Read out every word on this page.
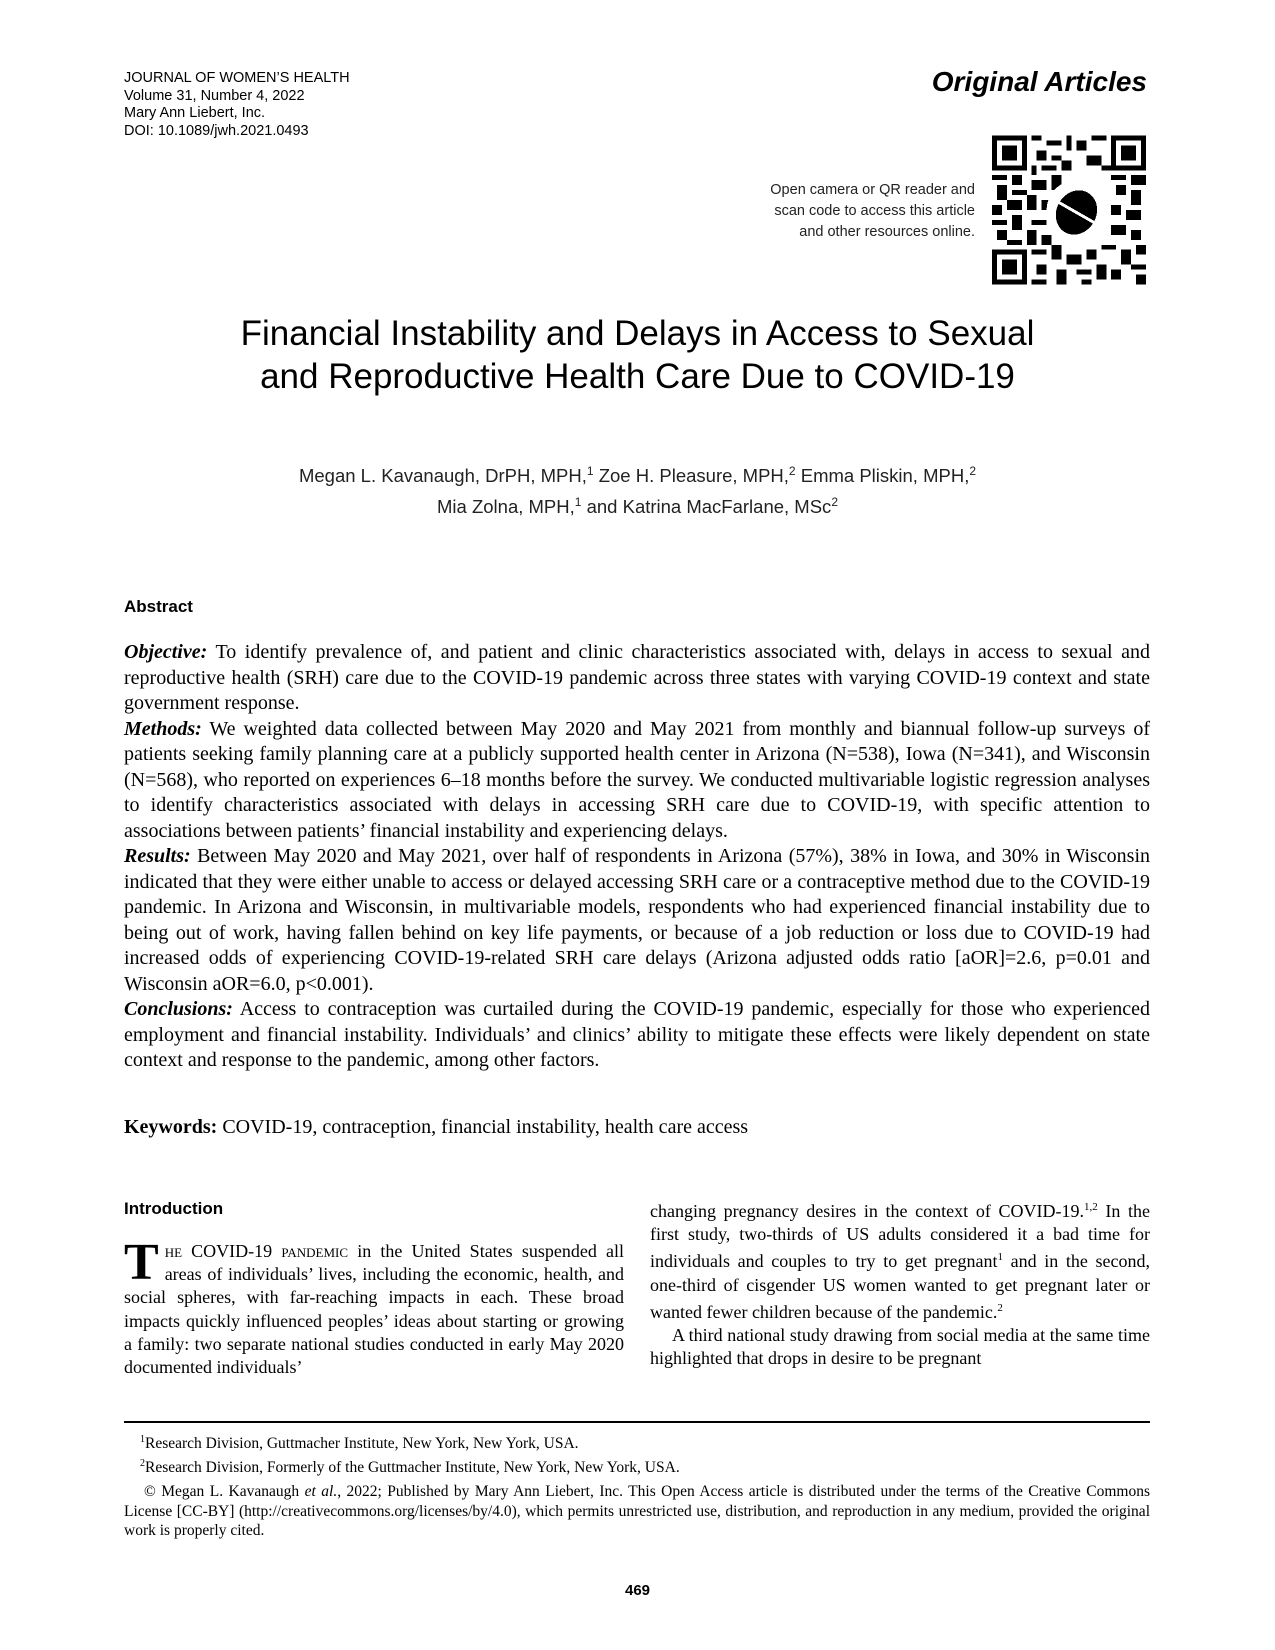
JOURNAL OF WOMEN’S HEALTH
Volume 31, Number 4, 2022
Mary Ann Liebert, Inc.
DOI: 10.1089/jwh.2021.0493
Original Articles
Open camera or QR reader and
scan code to access this article
and other resources online.
Financial Instability and Delays in Access to Sexual
and Reproductive Health Care Due to COVID-19
Megan L. Kavanaugh, DrPH, MPH,$^1$ Zoe H. Pleasure, MPH,$^2$ Emma Pliskin, MPH,$^2$
Mia Zolna, MPH,$^1$ and Katrina MacFarlane, MSc$^2$
Abstract

Objective: To identify prevalence of, and patient and clinic characteristics associated with, delays in access to sexual and reproductive health (SRH) care due to the COVID-19 pandemic across three states with varying COVID-19 context and state government response.

Methods: We weighted data collected between May 2020 and May 2021 from monthly and biannual follow-up surveys of patients seeking family planning care at a publicly supported health center in Arizona (N=538), Iowa (N=341), and Wisconsin (N=568), who reported on experiences 6–18 months before the survey. We conducted multivariable logistic regression analyses to identify characteristics associated with delays in accessing SRH care due to COVID-19, with specific attention to associations between patients’ financial instability and experiencing delays.

Results: Between May 2020 and May 2021, over half of respondents in Arizona (57%), 38% in Iowa, and 30% in Wisconsin indicated that they were either unable to access or delayed accessing SRH care or a contraceptive method due to the COVID-19 pandemic. In Arizona and Wisconsin, in multivariable models, respondents who had experienced financial instability due to being out of work, having fallen behind on key life payments, or because of a job reduction or loss due to COVID-19 had increased odds of experiencing COVID-19-related SRH care delays (Arizona adjusted odds ratio [aOR]=2.6, p=0.01 and Wisconsin aOR=6.0, p<0.001).

Conclusions: Access to contraception was curtailed during the COVID-19 pandemic, especially for those who experienced employment and financial instability. Individuals’ and clinics’ ability to mitigate these effects were likely dependent on state context and response to the pandemic, among other factors.

Keywords: COVID-19, contraception, financial instability, health care access
Introduction

The COVID-19 pandemic in the United States suspended all areas of individuals’ lives, including the economic, health, and social spheres, with far-reaching impacts in each. These broad impacts quickly influenced peoples’ ideas about starting or growing a family: two separate national studies conducted in early May 2020 documented individuals’

changing pregnancy desires in the context of COVID-19.$^{1,2}$ In the first study, two-thirds of US adults considered it a bad time for individuals and couples to try to get pregnant$^1$ and in the second, one-third of cisgender US women wanted to get pregnant later or wanted fewer children because of the pandemic.$^2$

A third national study drawing from social media at the same time highlighted that drops in desire to be pregnant

$^1$Research Division, Guttmacher Institute, New York, New York, USA.
$^2$Research Division, Formerly of the Guttmacher Institute, New York, New York, USA.
© Megan L. Kavanaugh et al., 2022; Published by Mary Ann Liebert, Inc. This Open Access article is distributed under the terms of the Creative Commons License [CC-BY] (http://creativecommons.org/licenses/by/4.0), which permits unrestricted use, distribution, and reproduction in any medium, provided the original work is properly cited.
469
